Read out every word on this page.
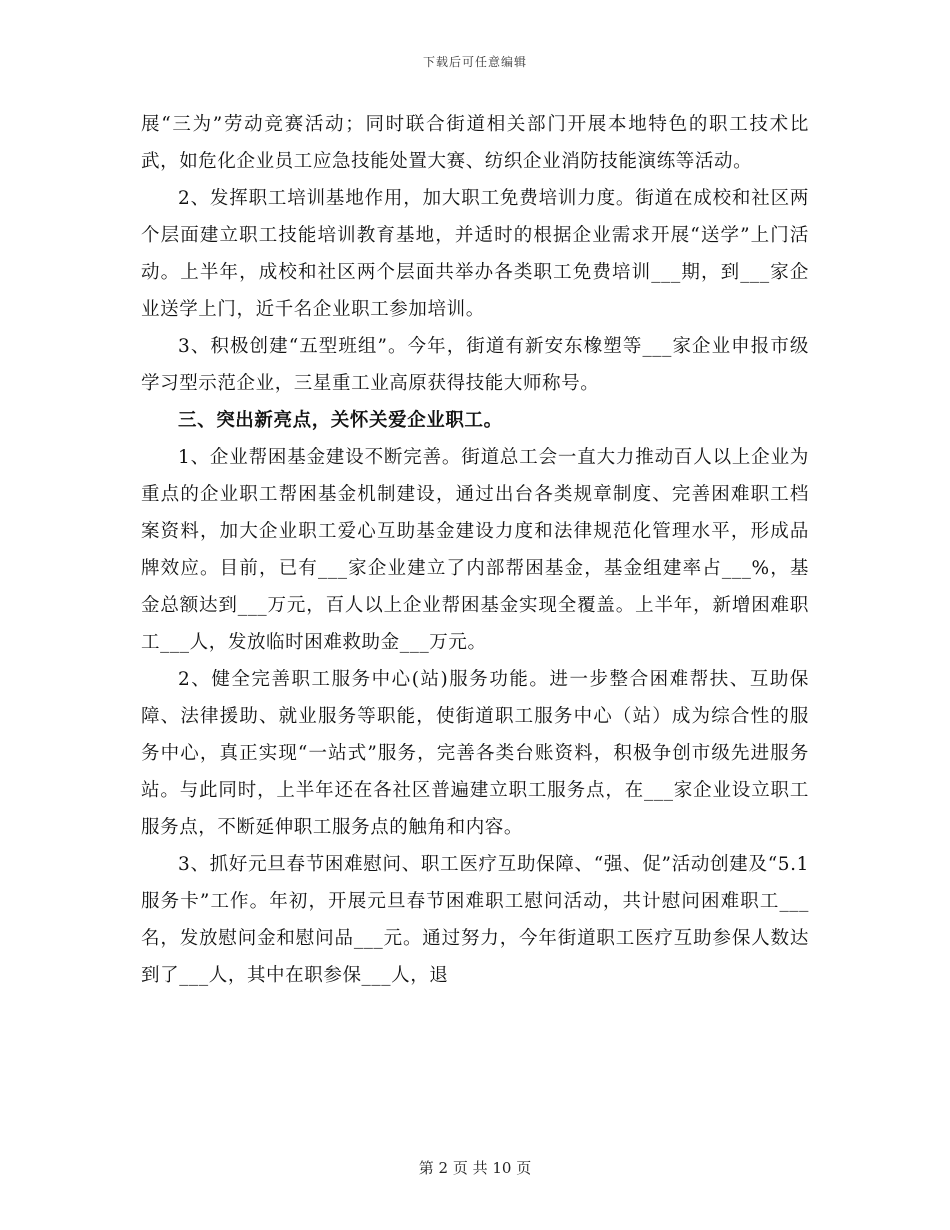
下载后可任意编辑

展“三为”劳动竞赛活动；同时联合街道相关部门开展本地特色的职工技术比武，如危化企业员工应急技能处置大赛、纺织企业消防技能演练等活动。

2、发挥职工培训基地作用，加大职工免费培训力度。街道在成校和社区两个层面建立职工技能培训教育基地，并适时的根据企业需求开展“送学”上门活动。上半年，成校和社区两个层面共举办各类职工免费培训___期，到___家企业送学上门，近千名企业职工参加培训。

3、积极创建“五型班组”。今年，街道有新安东橡塑等___家企业申报市级学习型示范企业，三星重工业高原获得技能大师称号。

三、突出新亮点，关怀关爱企业职工。

1、企业帮困基金建设不断完善。街道总工会一直大力推动百人以上企业为重点的企业职工帮困基金机制建设，通过出台各类规章制度、完善困难职工档案资料，加大企业职工爱心互助基金建设力度和法律规范化管理水平，形成品牌效应。目前，已有___家企业建立了内部帮困基金，基金组建率占___%，基金总额达到___万元，百人以上企业帮困基金实现全覆盖。上半年，新增困难职工___人，发放临时困难救助金___万元。

2、健全完善职工服务中心(站)服务功能。进一步整合困难帮扶、互助保障、法律援助、就业服务等职能，使街道职工服务中心（站）成为综合性的服务中心，真正实现“一站式”服务，完善各类台账资料，积极争创市级先进服务站。与此同时，上半年还在各社区普遍建立职工服务点，在___家企业设立职工服务点，不断延伸职工服务点的触角和内容。

3、抓好元旦春节困难慰问、职工医疗互助保障、“强、促”活动创建及“5.1服务卡”工作。年初，开展元旦春节困难职工慰问活动，共计慰问困难职工___名，发放慰问金和慰问品___元。通过努力，今年街道职工医疗互助参保人数达到了___人，其中在职参保___人，退

第 2 页 共 10 页
